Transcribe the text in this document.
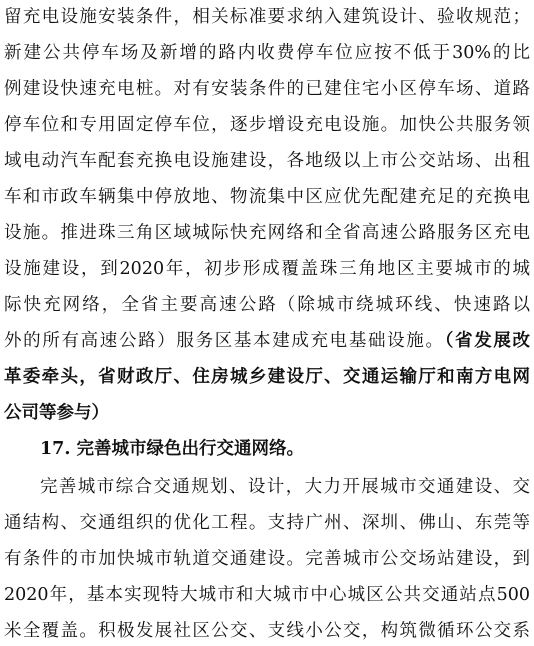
留充电设施安装条件，相关标准要求纳入建筑设计、验收规范；
新建公共停车场及新增的路内收费停车位应按不低于30%的比
例建设快速充电桩。对有安装条件的已建住宅小区停车场、道路
停车位和专用固定停车位，逐步增设充电设施。加快公共服务领
域电动汽车配套充换电设施建设，各地级以上市公交站场、出租
车和市政车辆集中停放地、物流集中区应优先配建充足的充换电
设施。推进珠三角区域城际快充网络和全省高速公路服务区充电
设施建设，到2020年，初步形成覆盖珠三角地区主要城市的城
际快充网络，全省主要高速公路（除城市绕城环线、快速路以
外的所有高速公路）服务区基本建成充电基础设施。（省发展改
革委牵头，省财政厅、住房城乡建设厅、交通运输厅和南方电网
公司等参与）
17. 完善城市绿色出行交通网络。
完善城市综合交通规划、设计，大力开展城市交通建设、交
通结构、交通组织的优化工程。支持广州、深圳、佛山、东莞等
有条件的市加快城市轨道交通建设。完善城市公交场站建设，到
2020年，基本实现特大城市和大城市中心城区公共交通站点500
米全覆盖。积极发展社区公交、支线小公交，构筑微循环公交系
